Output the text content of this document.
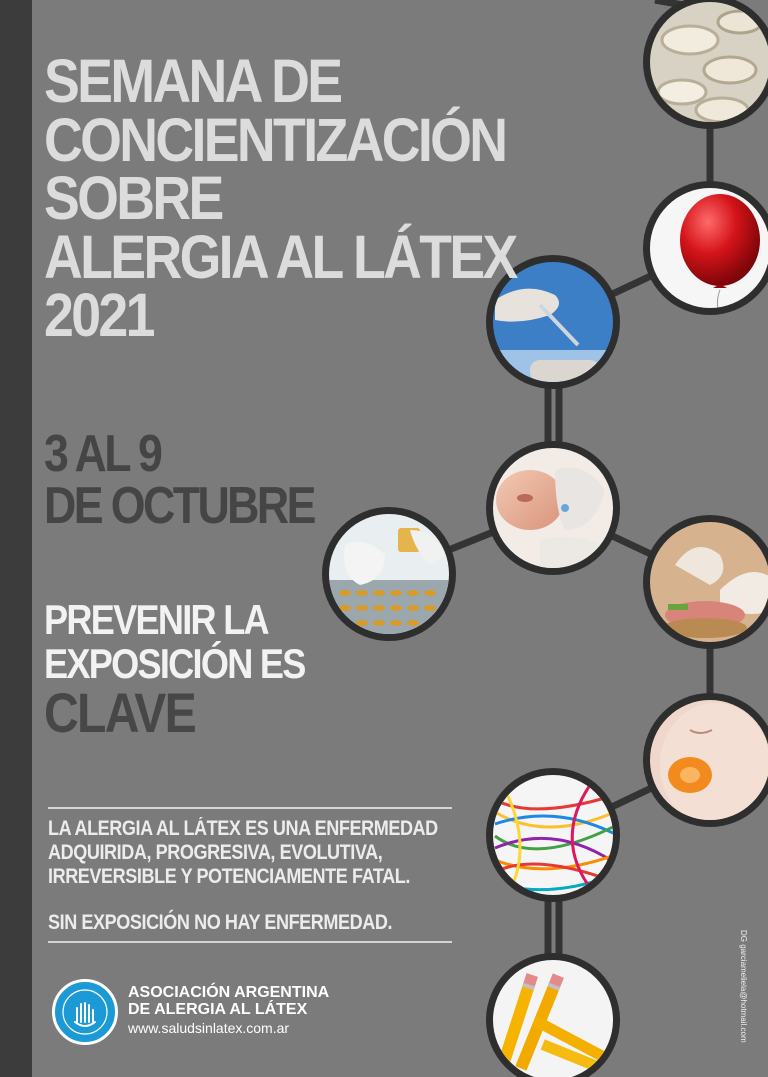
SEMANA DE
CONCIENTIZACIÓN
SOBRE
ALERGIA AL LÁTEX
2021
3 AL 9
DE OCTUBRE
PREVENIR LA
EXPOSICIÓN ES
CLAVE

LA ALERGIA AL LÁTEX ES UNA ENFERMEDAD

ADQUIRIDA, PROGRESIVA, EVOLUTIVA,

IRREVERSIBLE Y POTENCIAMENTE FATAL.

SIN EXPOSICIÓN NO HAY ENFERMEDAD.

ASOCIACIÓN ARGENTINA
DE ALERGIA AL LÁTEX
www.saludsinlatex.com.ar	DG garciameliela@hotmail.com
